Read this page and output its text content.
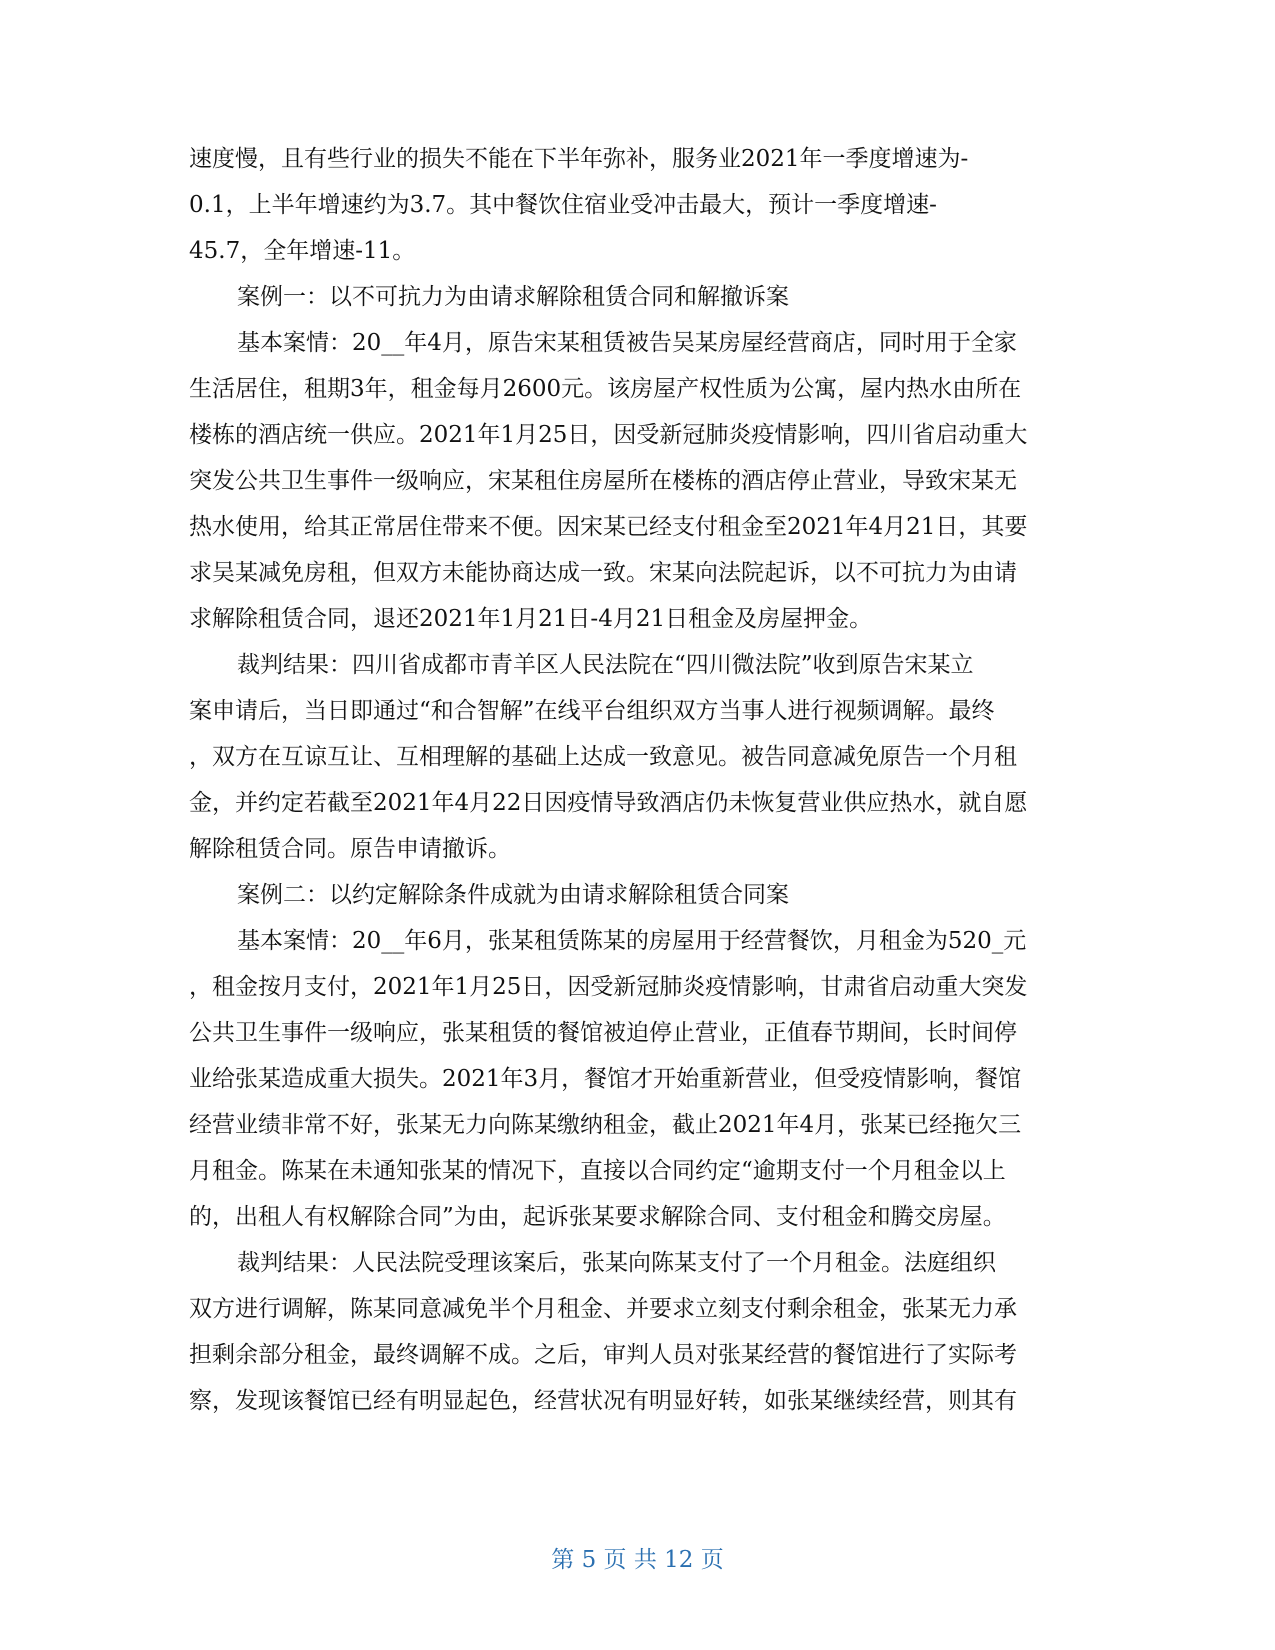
速度慢，且有些行业的损失不能在下半年弥补，服务业2021年一季度增速为-
0.1，上半年增速约为3.7。其中餐饮住宿业受冲击最大，预计一季度增速-
45.7，全年增速-11。
案例一：以不可抗力为由请求解除租赁合同和解撤诉案
基本案情：20__年4月，原告宋某租赁被告吴某房屋经营商店，同时用于全家
生活居住，租期3年，租金每月2600元。该房屋产权性质为公寓，屋内热水由所在
楼栋的酒店统一供应。2021年1月25日，因受新冠肺炎疫情影响，四川省启动重大
突发公共卫生事件一级响应，宋某租住房屋所在楼栋的酒店停止营业，导致宋某无
热水使用，给其正常居住带来不便。因宋某已经支付租金至2021年4月21日，其要
求吴某减免房租，但双方未能协商达成一致。宋某向法院起诉，以不可抗力为由请
求解除租赁合同，退还2021年1月21日-4月21日租金及房屋押金。
裁判结果：四川省成都市青羊区人民法院在“四川微法院”收到原告宋某立
案申请后，当日即通过“和合智解”在线平台组织双方当事人进行视频调解。最终
，双方在互谅互让、互相理解的基础上达成一致意见。被告同意减免原告一个月租
金，并约定若截至2021年4月22日因疫情导致酒店仍未恢复营业供应热水，就自愿
解除租赁合同。原告申请撤诉。
案例二：以约定解除条件成就为由请求解除租赁合同案
基本案情：20__年6月，张某租赁陈某的房屋用于经营餐饮，月租金为520_元
，租金按月支付，2021年1月25日，因受新冠肺炎疫情影响，甘肃省启动重大突发
公共卫生事件一级响应，张某租赁的餐馆被迫停止营业，正值春节期间，长时间停
业给张某造成重大损失。2021年3月，餐馆才开始重新营业，但受疫情影响，餐馆
经营业绩非常不好，张某无力向陈某缴纳租金，截止2021年4月，张某已经拖欠三
月租金。陈某在未通知张某的情况下，直接以合同约定“逾期支付一个月租金以上
的，出租人有权解除合同”为由，起诉张某要求解除合同、支付租金和腾交房屋。
裁判结果：人民法院受理该案后，张某向陈某支付了一个月租金。法庭组织
双方进行调解，陈某同意减免半个月租金、并要求立刻支付剩余租金，张某无力承
担剩余部分租金，最终调解不成。之后，审判人员对张某经营的餐馆进行了实际考
察，发现该餐馆已经有明显起色，经营状况有明显好转，如张某继续经营，则其有
第 5 页 共 12 页
